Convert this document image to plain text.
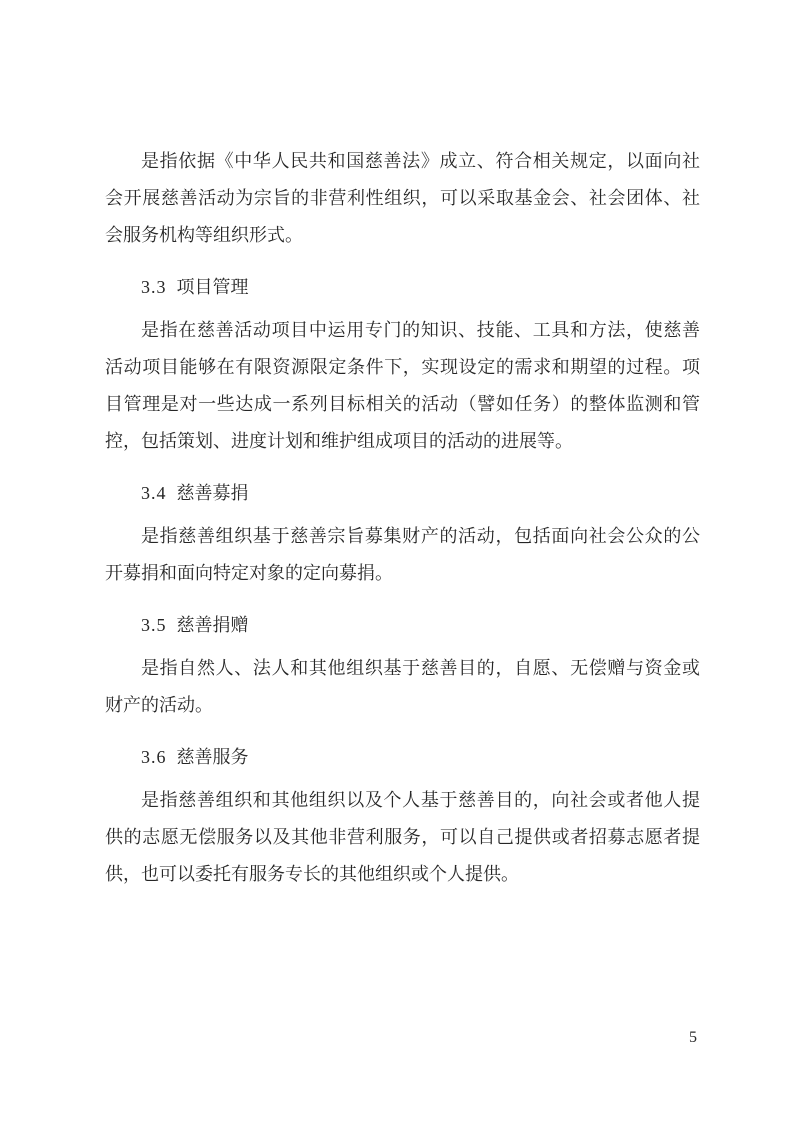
是指依据《中华人民共和国慈善法》成立、符合相关规定，以面向社
会开展慈善活动为宗旨的非营利性组织，可以采取基金会、社会团体、社
会服务机构等组织形式。
3.3 项目管理
是指在慈善活动项目中运用专门的知识、技能、工具和方法，使慈善
活动项目能够在有限资源限定条件下，实现设定的需求和期望的过程。项
目管理是对一些达成一系列目标相关的活动（譬如任务）的整体监测和管
控，包括策划、进度计划和维护组成项目的活动的进展等。
3.4 慈善募捐
是指慈善组织基于慈善宗旨募集财产的活动，包括面向社会公众的公
开募捐和面向特定对象的定向募捐。
3.5 慈善捐赠
是指自然人、法人和其他组织基于慈善目的，自愿、无偿赠与资金或
财产的活动。
3.6 慈善服务
是指慈善组织和其他组织以及个人基于慈善目的，向社会或者他人提
供的志愿无偿服务以及其他非营利服务，可以自己提供或者招募志愿者提
供，也可以委托有服务专长的其他组织或个人提供。
5
